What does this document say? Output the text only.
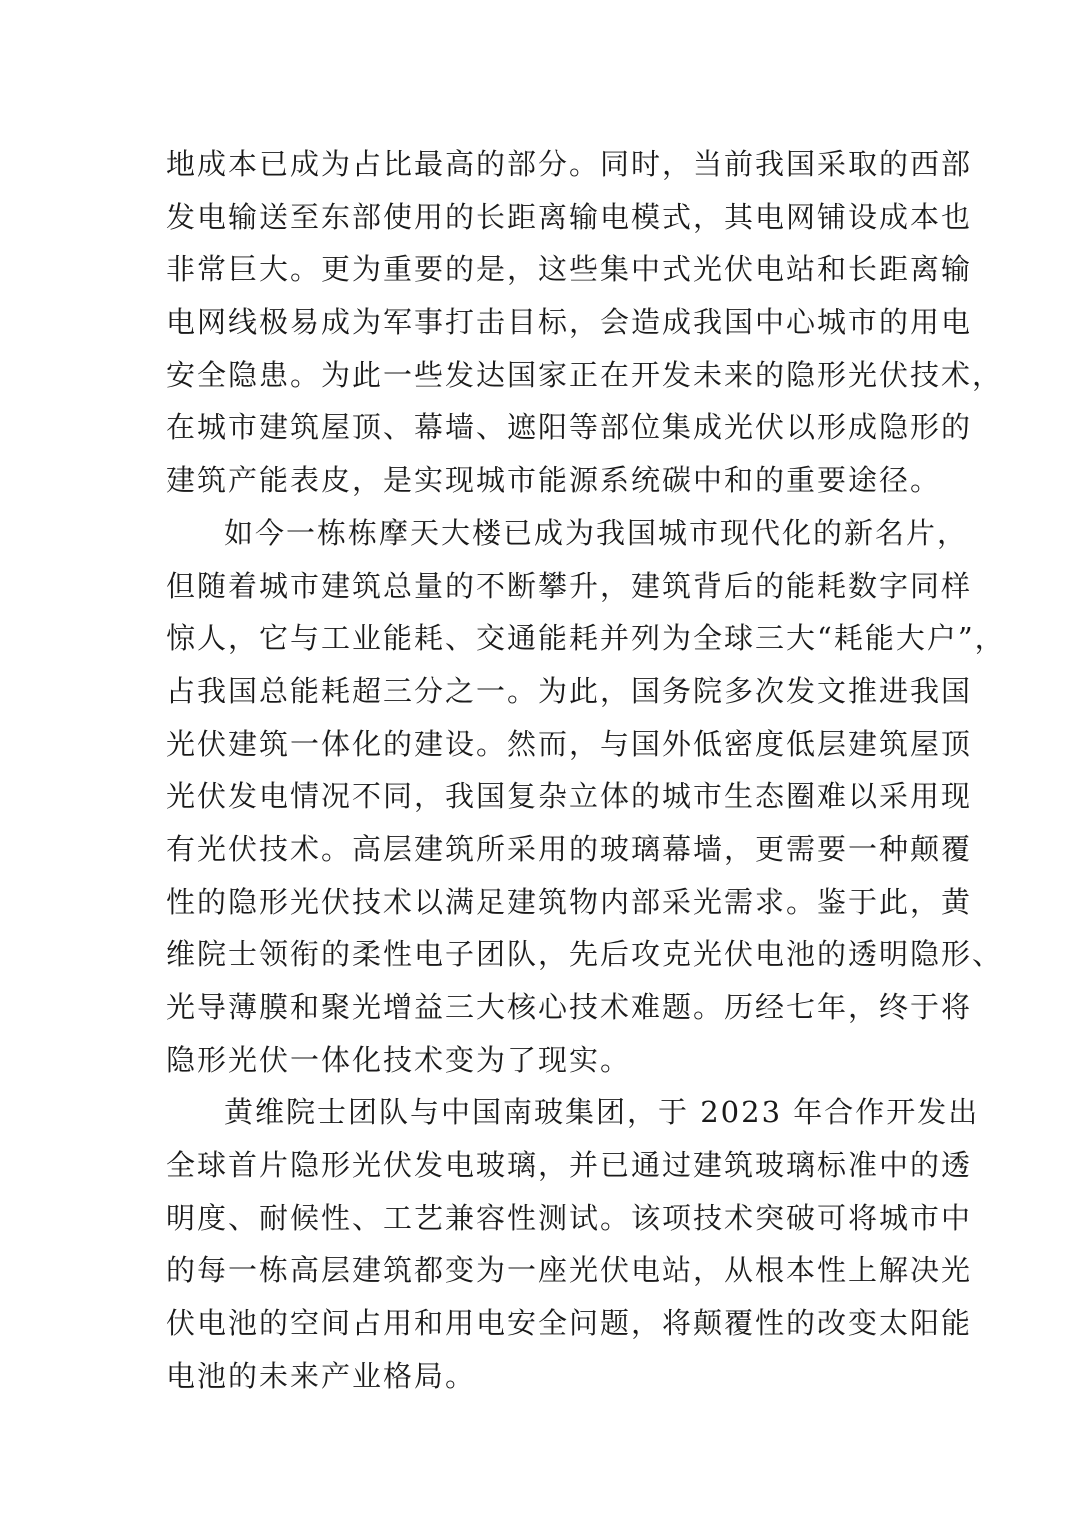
地成本已成为占比最高的部分。同时，当前我国采取的西部
发电输送至东部使用的长距离输电模式，其电网铺设成本也
非常巨大。更为重要的是，这些集中式光伏电站和长距离输
电网线极易成为军事打击目标，会造成我国中心城市的用电
安全隐患。为此一些发达国家正在开发未来的隐形光伏技术，
在城市建筑屋顶、幕墙、遮阳等部位集成光伏以形成隐形的
建筑产能表皮，是实现城市能源系统碳中和的重要途径。
如今一栋栋摩天大楼已成为我国城市现代化的新名片，
但随着城市建筑总量的不断攀升，建筑背后的能耗数字同样
惊人，它与工业能耗、交通能耗并列为全球三大“耗能大户”，
占我国总能耗超三分之一。为此，国务院多次发文推进我国
光伏建筑一体化的建设。然而，与国外低密度低层建筑屋顶
光伏发电情况不同，我国复杂立体的城市生态圈难以采用现
有光伏技术。高层建筑所采用的玻璃幕墙，更需要一种颠覆
性的隐形光伏技术以满足建筑物内部采光需求。鉴于此，黄
维院士领衔的柔性电子团队，先后攻克光伏电池的透明隐形、
光导薄膜和聚光增益三大核心技术难题。历经七年，终于将
隐形光伏一体化技术变为了现实。
黄维院士团队与中国南玻集团，于 2023 年合作开发出
全球首片隐形光伏发电玻璃，并已通过建筑玻璃标准中的透
明度、耐候性、工艺兼容性测试。该项技术突破可将城市中
的每一栋高层建筑都变为一座光伏电站，从根本性上解决光
伏电池的空间占用和用电安全问题，将颠覆性的改变太阳能
电池的未来产业格局。
